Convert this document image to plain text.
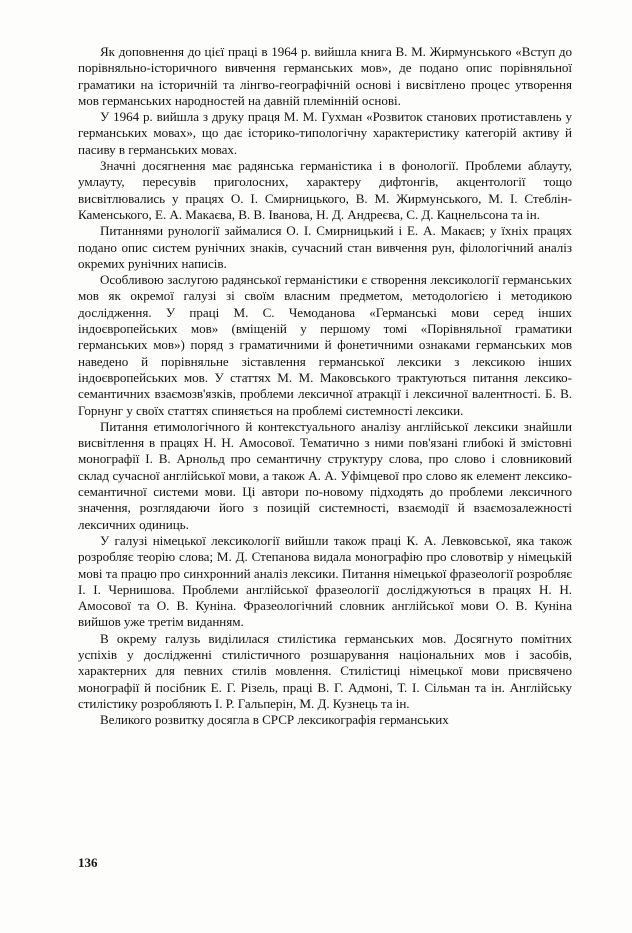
Як доповнення до цієї праці в 1964 р. вийшла книга В. М. Жирмунського «Вступ до порівняльно-історичного вивчення германських мов», де подано опис порівняльної граматики на історичній та лінгво-географічній основі і висвітлено процес утворення мов германських народностей на давній племінній основі.

У 1964 р. вийшла з друку праця М. М. Гухман «Розвиток станових протиставлень у германських мовах», що дає історико-типологічну характеристику категорій активу й пасиву в германських мовах.

Значні досягнення має радянська германістика і в фонології. Проблеми аблауту, умлауту, пересувів приголосних, характеру дифтонгів, акцентології тощо висвітлювались у працях О. І. Смирницького, В. М. Жирмунського, М. І. Стеблін-Каменського, Е. А. Макаєва, В. В. Іванова, Н. Д. Андреєва, С. Д. Кацнельсона та ін.

Питаннями рунології займалися О. І. Смирницький і Е. А. Макаєв; у їхніх працях подано опис систем рунічних знаків, сучасний стан вивчення рун, філологічний аналіз окремих рунічних написів.

Особливою заслугою радянської германістики є створення лексикології германських мов як окремої галузі зі своїм власним предметом, методологією і методикою дослідження. У праці М. С. Чемоданова «Германські мови серед інших індоєвропейських мов» (вміщеній у першому томі «Порівняльної граматики германських мов») поряд з граматичними й фонетичними ознаками германських мов наведено й порівняльне зіставлення германської лексики з лексикою інших індоєвропейських мов. У статтях М. М. Маковського трактуються питання лексико-семантичних взаємозв'язків, проблеми лексичної атракції і лексичної валентності. Б. В. Горнунг у своїх статтях спиняється на проблемі системності лексики.

Питання етимологічного й контекстуального аналізу англійської лексики знайшли висвітлення в працях Н. Н. Амосової. Тематично з ними пов'язані глибокі й змістовні монографії І. В. Арнольд про семантичну структуру слова, про слово і словниковий склад сучасної англійської мови, а також А. А. Уфімцевої про слово як елемент лексико-семантичної системи мови. Ці автори по-новому підходять до проблеми лексичного значення, розглядаючи його з позицій системності, взаємодії й взаємозалежності лексичних одиниць.

У галузі німецької лексикології вийшли також праці К. А. Левковської, яка також розробляє теорію слова; М. Д. Степанова видала монографію про словотвір у німецькій мові та працю про синхронний аналіз лексики. Питання німецької фразеології розробляє І. І. Чернишова. Проблеми англійської фразеології досліджуються в працях Н. Н. Амосової та О. В. Куніна. Фразеологічний словник англійської мови О. В. Куніна вийшов уже третім виданням.

В окрему галузь виділилася стилістика германських мов. Досягнуто помітних успіхів у дослідженні стилістичного розшарування національних мов і засобів, характерних для певних стилів мовлення. Стилістиці німецької мови присвячено монографії й посібник Е. Г. Різель, праці В. Г. Адмоні, Т. І. Сільман та ін. Англійську стилістику розробляють І. Р. Гальперін, М. Д. Кузнець та ін.

Великого розвитку досягла в СРСР лексикографія германських

136
